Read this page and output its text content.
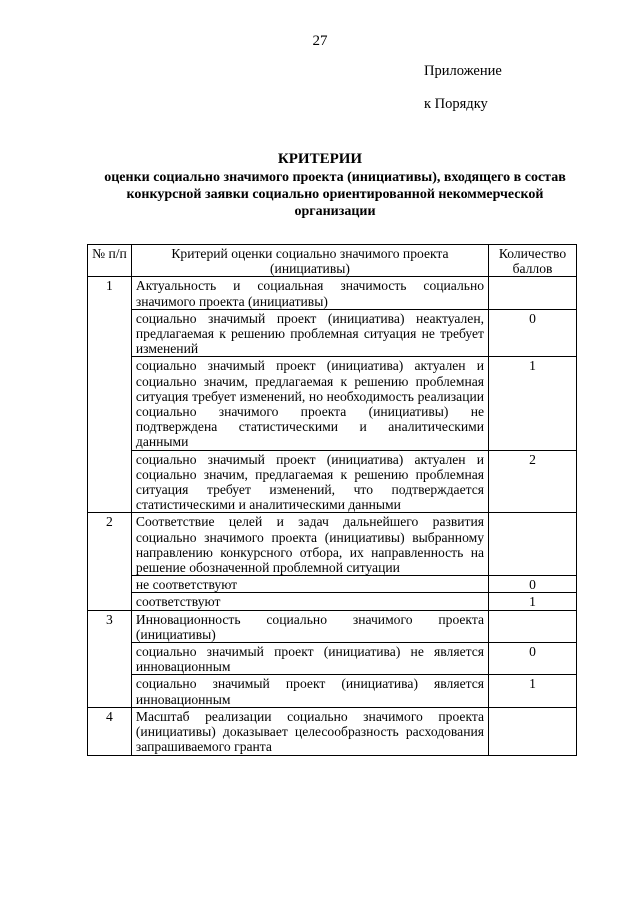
27
Приложение
к Порядку
КРИТЕРИИ
оценки социально значимого проекта (инициативы), входящего в состав конкурсной заявки социально ориентированной некоммерческой организации
№ п/п	Критерий оценки социально значимого проекта (инициативы)	Количество баллов
1	Актуальность и социальная значимость социально значимого проекта (инициативы)	
	социально значимый проект (инициатива) неактуален, предлагаемая к решению проблемная ситуация не требует изменений	0
	социально значимый проект (инициатива) актуален и социально значим, предлагаемая к решению проблемная ситуация требует изменений, но необходимость реализации социально значимого проекта (инициативы) не подтверждена статистическими и аналитическими данными	1
	социально значимый проект (инициатива) актуален и социально значим, предлагаемая к решению проблемная ситуация требует изменений, что подтверждается статистическими и аналитическими данными	2
2	Соответствие целей и задач дальнейшего развития социально значимого проекта (инициативы) выбранному направлению конкурсного отбора, их направленность на решение обозначенной проблемной ситуации	
	не соответствуют	0
	соответствуют	1
3	Инновационность социально значимого проекта (инициативы)	
	социально значимый проект (инициатива) не является инновационным	0
	социально значимый проект (инициатива) является инновационным	1
4	Масштаб реализации социально значимого проекта (инициативы) доказывает целесообразность расходования запрашиваемого гранта	
